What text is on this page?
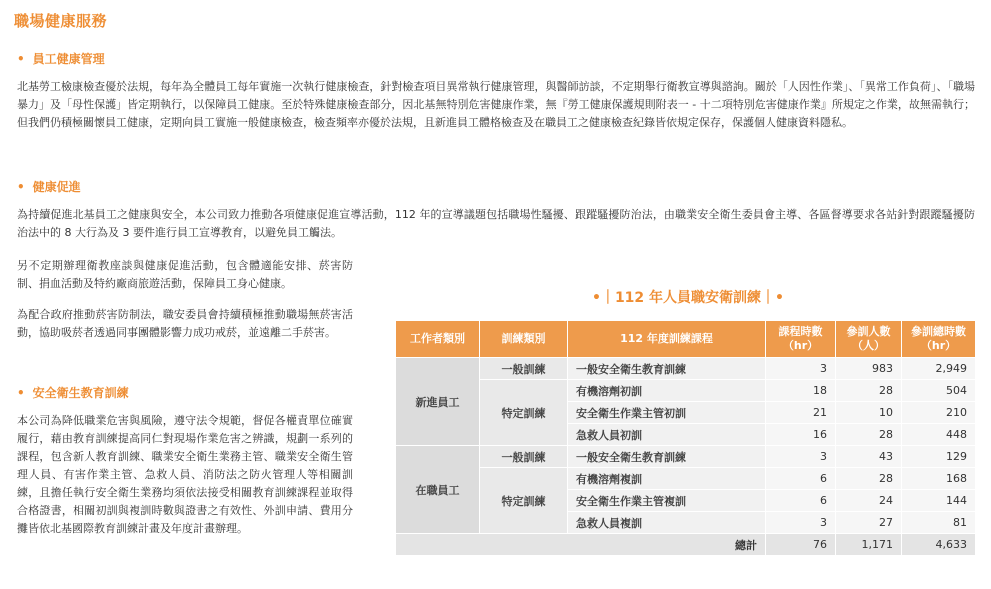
職場健康服務
• 員工健康管理
北基勞工檢康檢查優於法規，每年為全體員工每年實施一次執行健康檢查，針對檢查項目異常執行健康管理，與醫師訪談，不定期舉行衛教宣導與諮詢。關於「人因性作業」、「異常工作負荷」、「職場暴力」及「母性保護」皆定期執行，以保障員工健康。至於特殊健康檢查部分，因北基無特別危害健康作業，無『勞工健康保護規則附表一 - 十二項特別危害健康作業』所規定之作業，故無需執行；但我們仍積極關懷員工健康，定期向員工實施一般健康檢查，檢查頻率亦優於法規，且新進員工體格檢查及在職員工之健康檢查紀錄皆依規定保存，保護個人健康資料隱私。
• 健康促進
為持續促進北基員工之健康與安全，本公司致力推動各項健康促進宣導活動，112 年的宣導議題包括職場性騷擾、跟蹤騷擾防治法，由職業安全衛生委員會主導、各區督導要求各站針對跟蹤騷擾防治法中的 8 大行為及 3 要件進行員工宣導教育，以避免員工觸法。
另不定期辦理衛教座談與健康促進活動，包含體適能安排、菸害防制、捐血活動及特約廠商旅遊活動，保障員工身心健康。
為配合政府推動菸害防制法，職安委員會持續積極推動職場無菸害活動，協助吸菸者透過同事團體影響力成功戒菸，並遠離二手菸害。
• 安全衛生教育訓練
本公司為降低職業危害與風險，遵守法令規範，督促各權責單位確實履行，藉由教育訓練提高同仁對現場作業危害之辨識，規劃一系列的課程，包含新人教育訓練、職業安全衛生業務主管、職業安全衛生管理人員、有害作業主管、急救人員、消防法之防火管理人等相關訓練，且擔任執行安全衛生業務均須依法接受相關教育訓練課程並取得合格證書，相關初訓與複訓時數與證書之有效性、外訓申請、費用分攤皆依北基國際教育訓練計畫及年度計畫辦理。
•｜112 年人員職安衛訓練｜•
工作者類別	訓練類別	112 年度訓練課程	課程時數（hr）	參訓人數（人）	參訓總時數（hr）
新進員工	一般訓練	一般安全衛生教育訓練	3	983	2,949
	特定訓練	有機溶劑初訓	18	28	504
		安全衛生作業主管初訓	21	10	210
		急救人員初訓	16	28	448
在職員工	一般訓練	一般安全衛生教育訓練	3	43	129
	特定訓練	有機溶劑複訓	6	28	168
		安全衛生作業主管複訓	6	24	144
		急救人員複訓	3	27	81
總計			76	1,171	4,633
